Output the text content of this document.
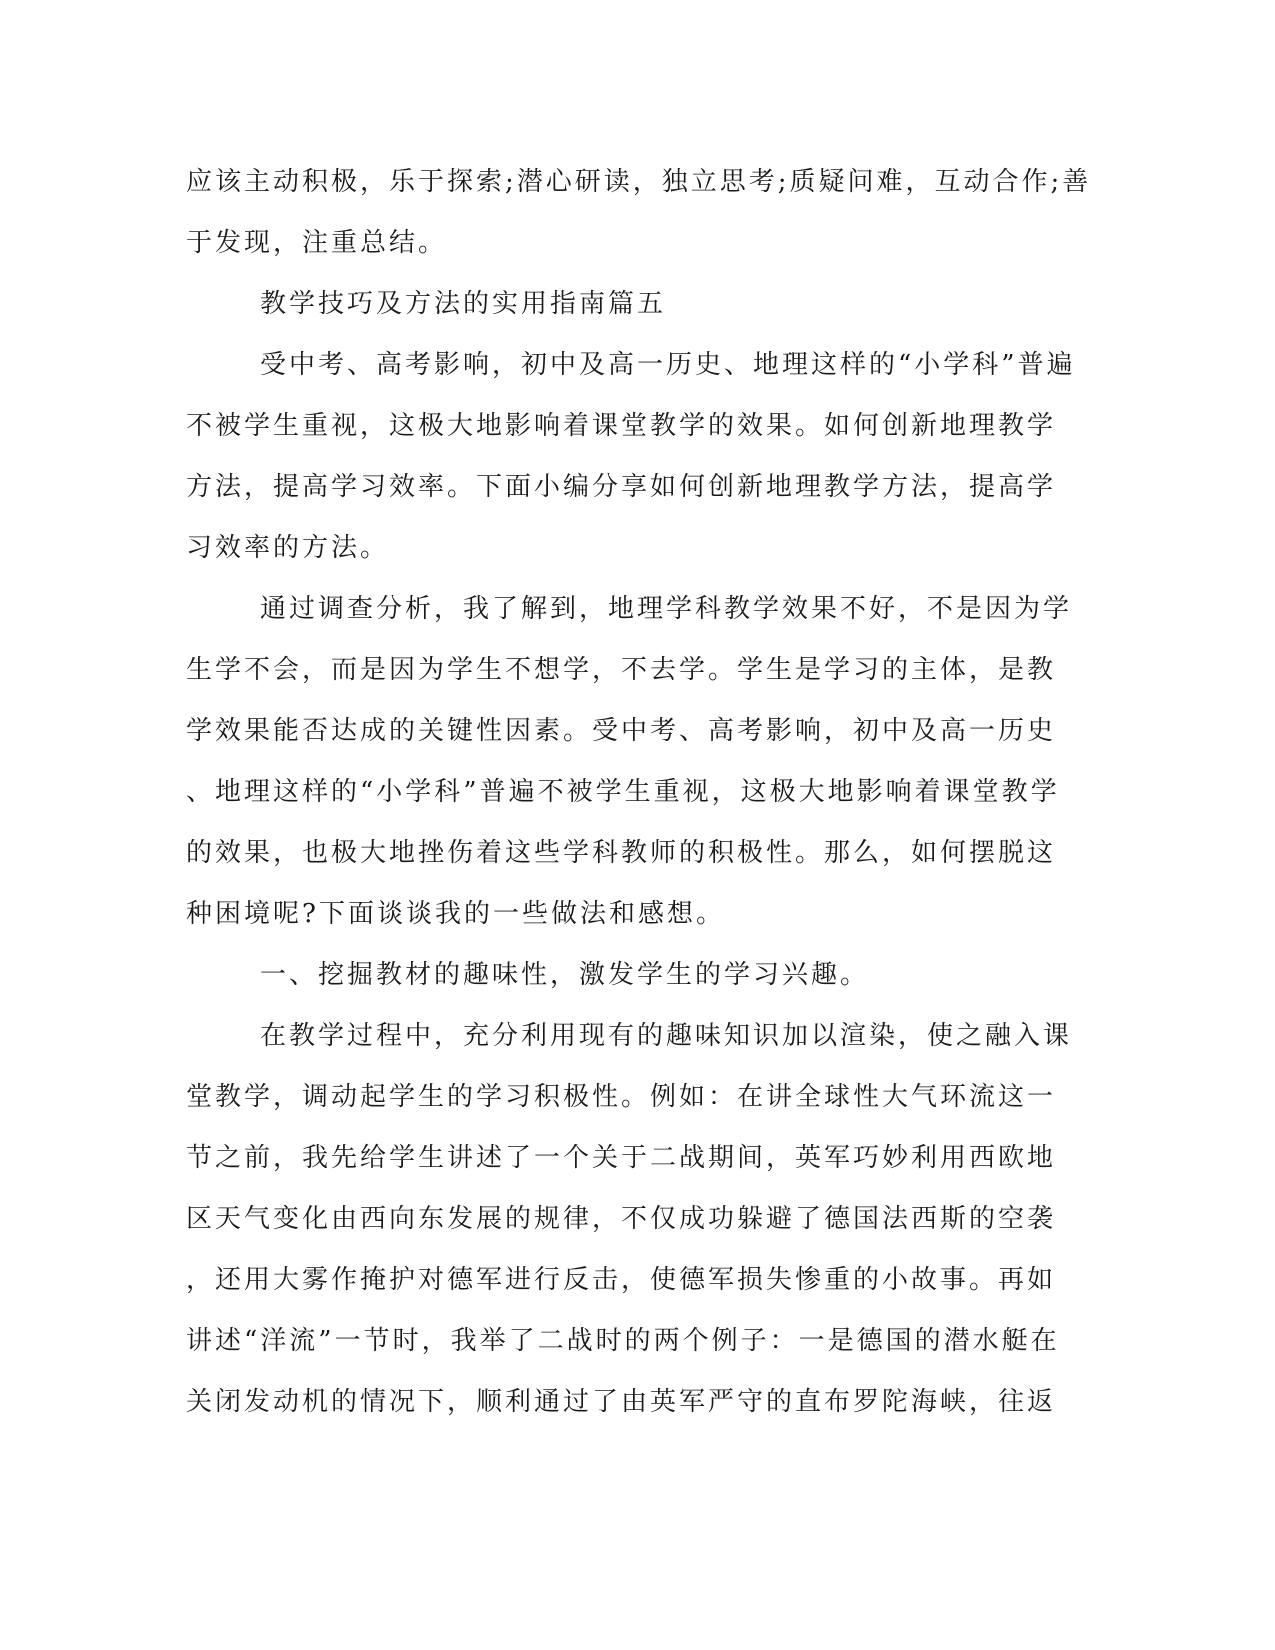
应该主动积极，乐于探索;潜心研读，独立思考;质疑问难，互动合作;善
于发现，注重总结。
教学技巧及方法的实用指南篇五
受中考、高考影响，初中及高一历史、地理这样的“小学科”普遍
不被学生重视，这极大地影响着课堂教学的效果。如何创新地理教学
方法，提高学习效率。下面小编分享如何创新地理教学方法，提高学
习效率的方法。
通过调查分析，我了解到，地理学科教学效果不好，不是因为学
生学不会，而是因为学生不想学，不去学。学生是学习的主体，是教
学效果能否达成的关键性因素。受中考、高考影响，初中及高一历史
、地理这样的“小学科”普遍不被学生重视，这极大地影响着课堂教学
的效果，也极大地挫伤着这些学科教师的积极性。那么，如何摆脱这
种困境呢?下面谈谈我的一些做法和感想。
一、挖掘教材的趣味性，激发学生的学习兴趣。
在教学过程中，充分利用现有的趣味知识加以渲染，使之融入课
堂教学，调动起学生的学习积极性。例如：在讲全球性大气环流这一
节之前，我先给学生讲述了一个关于二战期间，英军巧妙利用西欧地
区天气变化由西向东发展的规律，不仅成功躲避了德国法西斯的空袭
，还用大雾作掩护对德军进行反击，使德军损失惨重的小故事。再如
讲述“洋流”一节时，我举了二战时的两个例子：一是德国的潜水艇在
关闭发动机的情况下，顺利通过了由英军严守的直布罗陀海峡，往返
